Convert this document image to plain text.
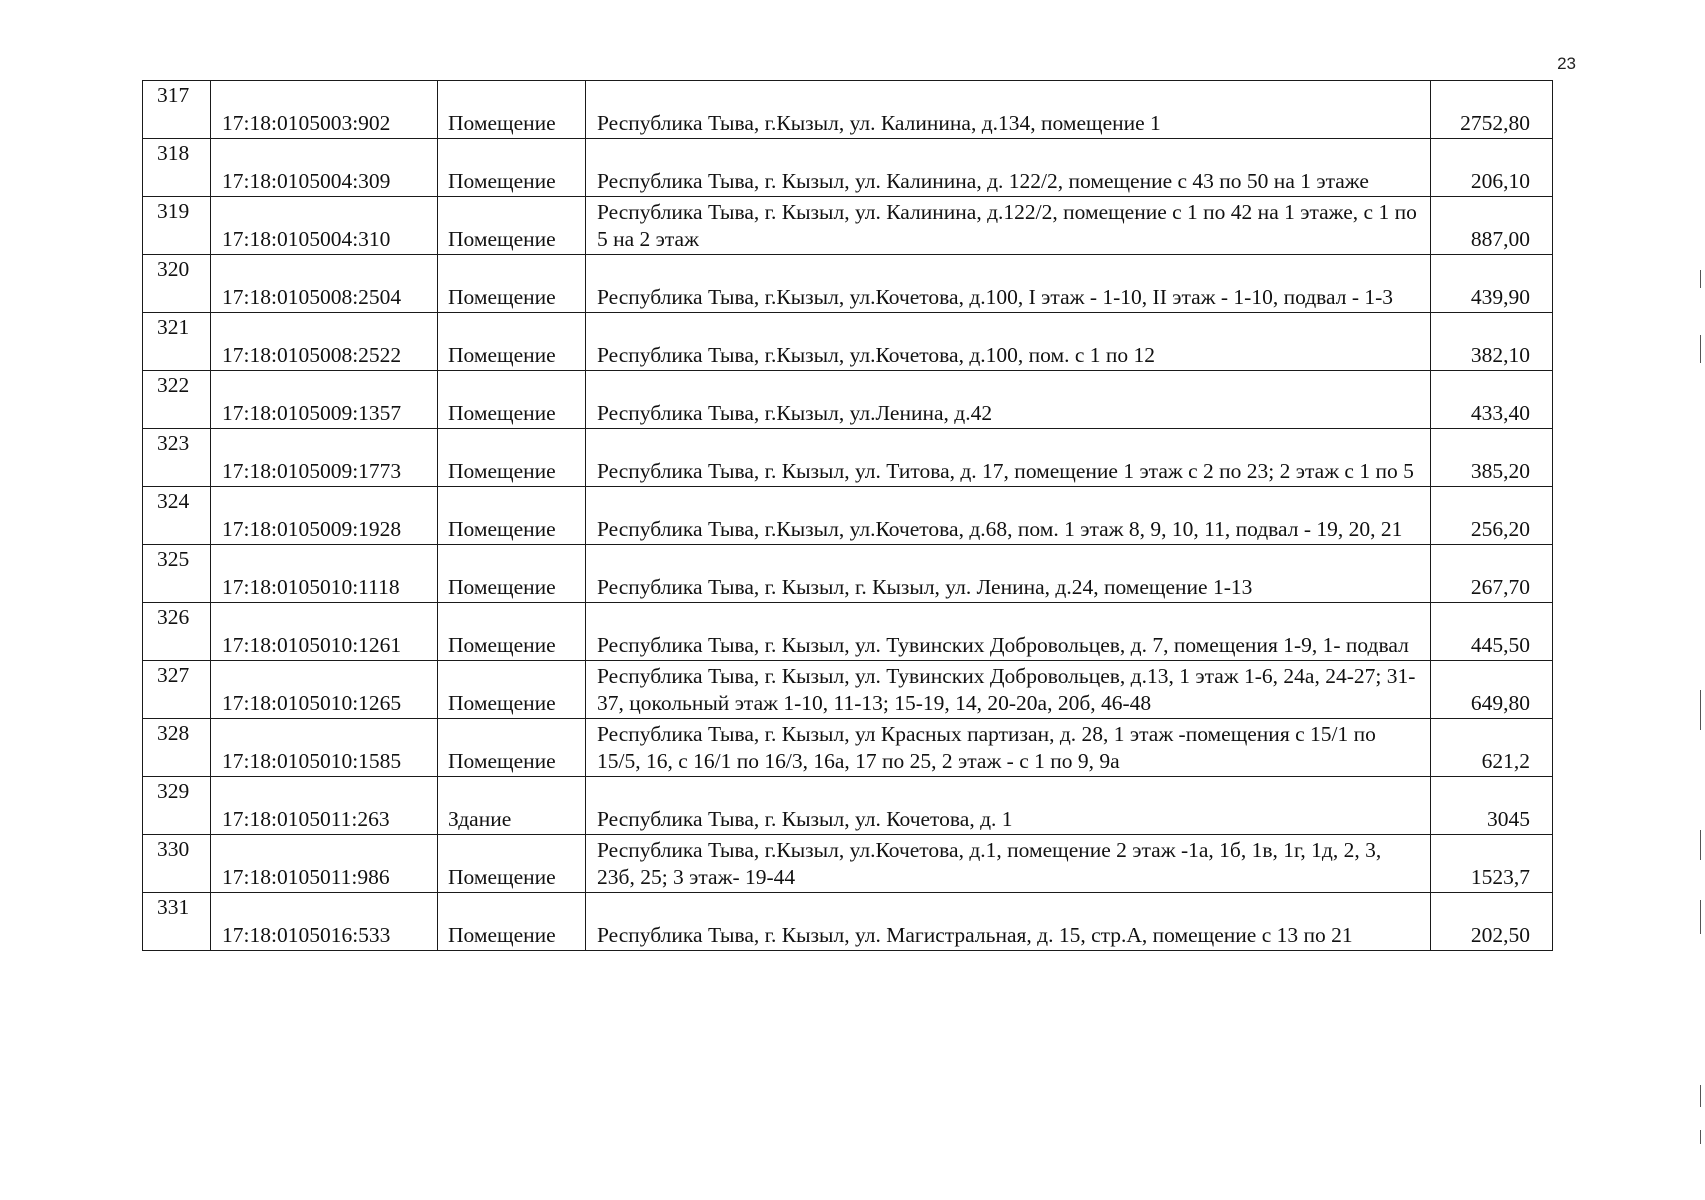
23
317	17:18:0105003:902	Помещение	Республика Тыва, г.Кызыл, ул. Калинина, д.134, помещение 1	2752,80
318	17:18:0105004:309	Помещение	Республика Тыва, г. Кызыл, ул. Калинина, д. 122/2, помещение с 43 по 50 на 1 этаже	206,10
319	17:18:0105004:310	Помещение	Республика Тыва, г. Кызыл, ул. Калинина, д.122/2, помещение с 1 по 42 на 1 этаже, с 1 по 5 на 2 этаж	887,00
320	17:18:0105008:2504	Помещение	Республика Тыва, г.Кызыл, ул.Кочетова, д.100, I этаж - 1-10, II этаж - 1-10, подвал - 1-3	439,90
321	17:18:0105008:2522	Помещение	Республика Тыва, г.Кызыл, ул.Кочетова, д.100, пом. с 1 по 12	382,10
322	17:18:0105009:1357	Помещение	Республика Тыва, г.Кызыл, ул.Ленина, д.42	433,40
323	17:18:0105009:1773	Помещение	Республика Тыва, г. Кызыл, ул. Титова, д. 17, помещение 1 этаж с 2 по 23; 2 этаж с 1 по 5	385,20
324	17:18:0105009:1928	Помещение	Республика Тыва, г.Кызыл, ул.Кочетова, д.68, пом. 1 этаж 8, 9, 10, 11, подвал - 19, 20, 21	256,20
325	17:18:0105010:1118	Помещение	Республика Тыва, г. Кызыл, г. Кызыл, ул. Ленина, д.24, помещение 1-13	267,70
326	17:18:0105010:1261	Помещение	Республика Тыва, г. Кызыл, ул. Тувинских Добровольцев, д. 7, помещения 1-9, 1- подвал	445,50
327	17:18:0105010:1265	Помещение	Республика Тыва, г. Кызыл, ул. Тувинских Добровольцев, д.13, 1 этаж 1-6, 24а, 24-27; 31-37, цокольный этаж 1-10, 11-13; 15-19, 14, 20-20а, 20б, 46-48	649,80
328	17:18:0105010:1585	Помещение	Республика Тыва, г. Кызыл, ул Красных партизан, д. 28, 1 этаж -помещения с 15/1 по 15/5, 16, с 16/1 по 16/3, 16а, 17 по 25, 2 этаж - с 1 по 9, 9а	621,2
329	17:18:0105011:263	Здание	Республика Тыва, г. Кызыл, ул. Кочетова, д. 1	3045
330	17:18:0105011:986	Помещение	Республика Тыва, г.Кызыл, ул.Кочетова, д.1, помещение 2 этаж -1а, 1б, 1в, 1г, 1д, 2, 3, 23б, 25; 3 этаж- 19-44	1523,7
331	17:18:0105016:533	Помещение	Республика Тыва, г. Кызыл, ул. Магистральная, д. 15, стр.А, помещение с 13 по 21	202,50
